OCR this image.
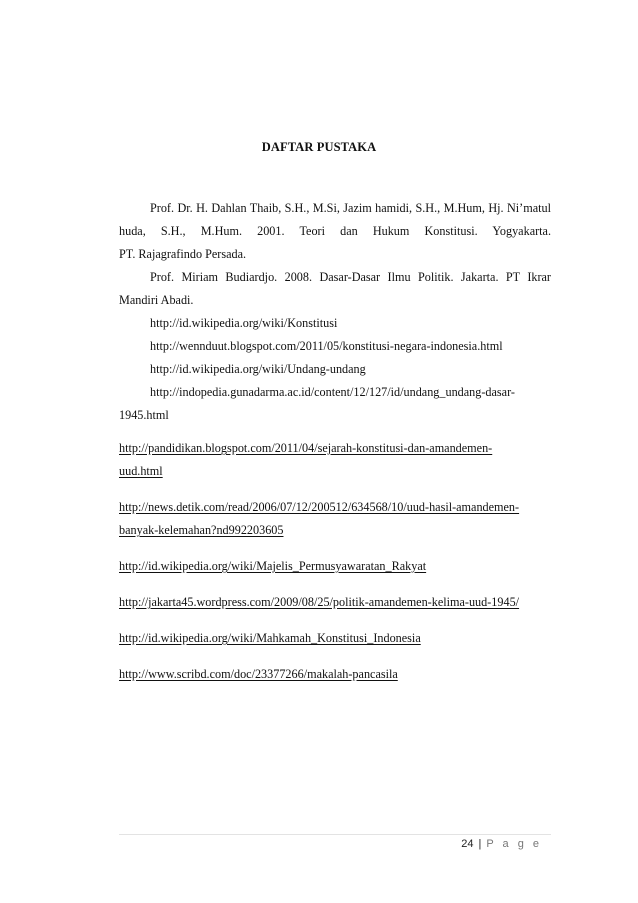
DAFTAR PUSTAKA

Prof. Dr. H. Dahlan Thaib, S.H., M.Si, Jazim hamidi, S.H., M.Hum, Hj. Ni’matul huda, S.H., M.Hum. 2001. Teori dan Hukum Konstitusi. Yogyakarta.

PT. Rajagrafindo Persada.

Prof. Miriam Budiardjo. 2008. Dasar-Dasar Ilmu Politik. Jakarta. PT Ikrar

Mandiri Abadi.

http://id.wikipedia.org/wiki/Konstitusi
http://wennduut.blogspot.com/2011/05/konstitusi-negara-indonesia.html
http://id.wikipedia.org/wiki/Undang-undang
http://indopedia.gunadarma.ac.id/content/12/127/id/undang_undang-dasar-
1945.html
http://pandidikan.blogspot.com/2011/04/sejarah-konstitusi-dan-amandemen-
uud.html
http://news.detik.com/read/2006/07/12/200512/634568/10/uud-hasil-amandemen-
banyak-kelemahan?nd992203605
http://id.wikipedia.org/wiki/Majelis_Permusyawaratan_Rakyat
http://jakarta45.wordpress.com/2009/08/25/politik-amandemen-kelima-uud-1945/
http://id.wikipedia.org/wiki/Mahkamah_Konstitusi_Indonesia
http://www.scribd.com/doc/23377266/makalah-pancasila
24 | P a g e
